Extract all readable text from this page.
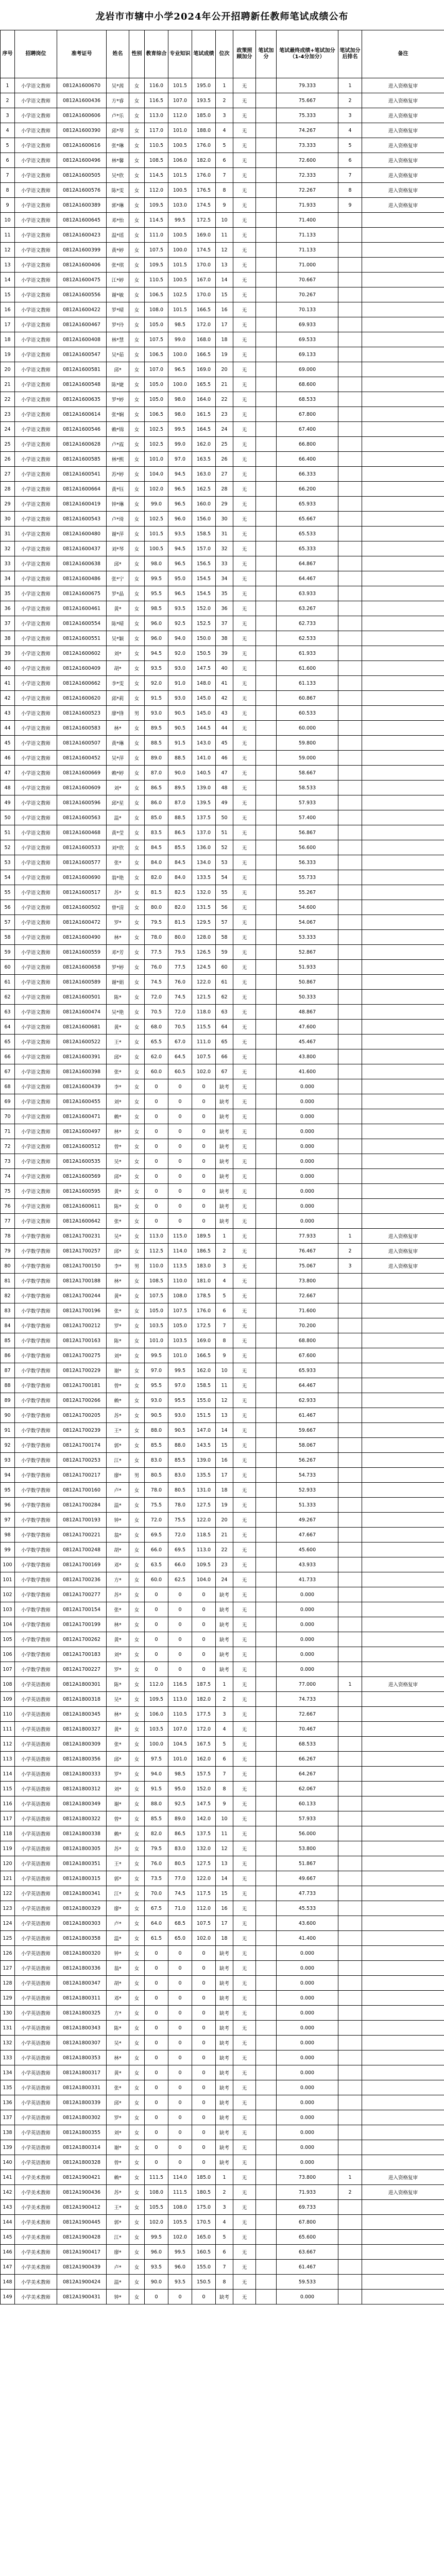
龙岩市市辖中小学2024年公开招聘新任教师笔试成绩公布
序号	招聘岗位	准考证号	姓名	性别	教育综合	专业知识	笔试成绩	位次	政策照顾加分	笔试加分	笔试最终成绩+笔试加分（1-4分加分）	笔试加分后排名	备注
1	小学语文教师	0812A1600670	吴*茜	女	116.0	101.5	195.0	1	无		79.333	1	进入资格复审
2	小学语文教师	0812A1600436	方*睿	女	116.5	107.0	193.5	2	无		75.667	2	进入资格复审
3	小学语文教师	0812A1600606	卢*乐	女	113.0	112.0	185.0	3	无		75.333	3	进入资格复审
4	小学语文教师	0812A1600390	邱*琴	女	117.0	101.0	188.0	4	无		74.267	4	进入资格复审
5	小学语文教师	0812A1600616	张*琳	女	110.5	100.5	176.0	5	无		73.333	5	进入资格复审
6	小学语文教师	0812A1600496	林*馨	女	108.5	106.0	182.0	6	无		72.600	6	进入资格复审
7	小学语文教师	0812A1600505	吴*欣	女	114.5	101.5	176.0	7	无		72.333	7	进入资格复审
8	小学语文教师	0812A1600576	陈*雯	女	112.0	100.5	176.5	8	无		72.267	8	进入资格复审
9	小学语文教师	0812A1600389	郭*琳	女	109.5	103.0	174.5	9	无		71.933	9	进入资格复审
10	小学语文教师	0812A1600645	邓*怡	女	114.5	99.5	172.5	10	无		71.400		
11	小学语文教师	0812A1600423	温*瑶	女	111.0	100.5	169.0	11	无		71.133		
12	小学语文教师	0812A1600399	黄*婷	女	107.5	100.0	174.5	12	无		71.133		
13	小学语文教师	0812A1600406	张*琪	女	109.5	101.5	170.0	13	无		71.000		
14	小学语文教师	0812A1600475	江*婷	女	110.5	100.5	167.0	14	无		70.667		
15	小学语文教师	0812A1600556	谢*敏	女	106.5	102.5	170.0	15	无		70.267		
16	小学语文教师	0812A1600422	罗*晴	女	108.0	101.5	166.5	16	无		70.133		
17	小学语文教师	0812A1600467	罗*玲	女	105.0	98.5	172.0	17	无		69.933		
18	小学语文教师	0812A1600408	林*慧	女	107.5	99.0	168.0	18	无		69.533		
19	小学语文教师	0812A1600547	吴*茹	女	106.5	100.0	166.5	19	无		69.133		
20	小学语文教师	0812A1600581	邱*	女	107.0	96.5	169.0	20	无		69.000		
21	小学语文教师	0812A1600548	陈*婕	女	105.0	100.0	165.5	21	无		68.600		
22	小学语文教师	0812A1600635	罗*婷	女	105.0	98.0	164.0	22	无		68.533		
23	小学语文教师	0812A1600614	张*娴	女	106.5	98.0	161.5	23	无		67.800		
24	小学语文教师	0812A1600546	赖*锦	女	102.5	99.5	164.5	24	无		67.400		
25	小学语文教师	0812A1600628	卢*霞	女	102.5	99.0	162.0	25	无		66.800		
26	小学语文教师	0812A1600585	林*熙	女	101.0	97.0	163.5	26	无		66.400		
27	小学语文教师	0812A1600541	苏*婷	女	104.0	94.5	163.0	27	无		66.333		
28	小学语文教师	0812A1600664	黄*钰	女	102.0	96.5	162.5	28	无		66.200		
29	小学语文教师	0812A1600419	钟*琳	女	99.0	96.5	160.0	29	无		65.933		
30	小学语文教师	0812A1600543	卢*琦	女	102.5	96.0	156.0	30	无		65.667		
31	小学语文教师	0812A1600480	谢*萍	女	101.5	93.5	158.5	31	无		65.533		
32	小学语文教师	0812A1600437	刘*琴	女	100.5	94.5	157.0	32	无		65.333		
33	小学语文教师	0812A1600638	邱*	女	98.0	96.5	156.5	33	无		64.867		
34	小学语文教师	0812A1600486	张*宁	女	99.5	95.0	154.5	34	无		64.467		
35	小学语文教师	0812A1600675	罗*晶	女	95.5	96.5	154.5	35	无		63.933		
36	小学语文教师	0812A1600461	黄*	女	98.5	93.5	152.0	36	无		63.267		
37	小学语文教师	0812A1600554	陈*晴	女	96.0	92.5	152.5	37	无		62.733		
38	小学语文教师	0812A1600551	吴*颖	女	96.0	94.0	150.0	38	无		62.533		
39	小学语文教师	0812A1600602	刘*	女	94.5	92.0	150.5	39	无		61.933		
40	小学语文教师	0812A1600409	胡*	女	93.5	93.0	147.5	40	无		61.600		
41	小学语文教师	0812A1600662	李*雯	女	92.0	91.0	148.0	41	无		61.133		
42	小学语文教师	0812A1600620	邱*莉	女	91.5	93.0	145.0	42	无		60.867		
43	小学语文教师	0812A1600523	廖*锋	男	93.0	90.5	145.0	43	无		60.533		
44	小学语文教师	0812A1600583	林*	女	89.5	90.5	144.5	44	无		60.000		
45	小学语文教师	0812A1600507	黄*琳	女	88.5	91.5	143.0	45	无		59.800		
46	小学语文教师	0812A1600452	吴*萍	女	89.0	88.5	141.0	46	无		59.000		
47	小学语文教师	0812A1600669	赖*婷	女	87.0	90.0	140.5	47	无		58.667		
48	小学语文教师	0812A1600609	刘*	女	86.5	89.5	139.0	48	无		58.533		
49	小学语文教师	0812A1600596	邱*星	女	86.0	87.0	139.5	49	无		57.933		
50	小学语文教师	0812A1600563	温*	女	85.0	88.5	137.5	50	无		57.400		
51	小学语文教师	0812A1600468	黄*莹	女	83.5	86.5	137.0	51	无		56.867		
52	小学语文教师	0812A1600533	刘*欣	女	84.5	85.5	136.0	52	无		56.600		
53	小学语文教师	0812A1600577	张*	女	84.0	84.5	134.0	53	无		56.333		
54	小学语文教师	0812A1600690	翁*艳	女	82.0	84.0	133.5	54	无		55.733		
55	小学语文教师	0812A1600517	苏*	女	81.5	82.5	132.0	55	无		55.267		
56	小学语文教师	0812A1600502	曾*清	女	80.0	82.0	131.5	56	无		54.600		
57	小学语文教师	0812A1600472	罗*	女	79.5	81.5	129.5	57	无		54.067		
58	小学语文教师	0812A1600490	林*	女	78.0	80.0	128.0	58	无		53.333		
59	小学语文教师	0812A1600559	邓*芳	女	77.5	79.5	126.5	59	无		52.867		
60	小学语文教师	0812A1600658	罗*婷	女	76.0	77.5	124.5	60	无		51.933		
61	小学语文教师	0812A1600589	谢*娟	女	74.5	76.0	122.0	61	无		50.867		
62	小学语文教师	0812A1600501	陈*	女	72.0	74.5	121.5	62	无		50.333		
63	小学语文教师	0812A1600474	吴*艳	女	70.5	72.0	118.0	63	无		48.867		
64	小学语文教师	0812A1600681	黄*	女	68.0	70.5	115.5	64	无		47.600		
65	小学语文教师	0812A1600522	王*	女	65.5	67.0	111.0	65	无		45.467		
66	小学语文教师	0812A1600391	邱*	女	62.0	64.5	107.5	66	无		43.800		
67	小学语文教师	0812A1600398	张*	女	60.0	60.5	102.0	67	无		41.600		
68	小学语文教师	0812A1600439	李*	女	0	0	0	缺考	无		0.000		
69	小学语文教师	0812A1600455	刘*	女	0	0	0	缺考	无		0.000		
70	小学语文教师	0812A1600471	赖*	女	0	0	0	缺考	无		0.000		
71	小学语文教师	0812A1600497	林*	女	0	0	0	缺考	无		0.000		
72	小学语文教师	0812A1600512	曾*	女	0	0	0	缺考	无		0.000		
73	小学语文教师	0812A1600535	吴*	女	0	0	0	缺考	无		0.000		
74	小学语文教师	0812A1600569	邱*	女	0	0	0	缺考	无		0.000		
75	小学语文教师	0812A1600595	黄*	女	0	0	0	缺考	无		0.000		
76	小学语文教师	0812A1600611	陈*	女	0	0	0	缺考	无		0.000		
77	小学语文教师	0812A1600642	张*	女	0	0	0	缺考	无		0.000		
78	小学数学教师	0812A1700231	吴*	女	113.0	115.0	189.5	1	无		77.933	1	进入资格复审
79	小学数学教师	0812A1700257	邱*	女	112.5	114.0	186.5	2	无		76.467	2	进入资格复审
80	小学数学教师	0812A1700150	李*	男	110.0	113.5	183.0	3	无		75.067	3	进入资格复审
81	小学数学教师	0812A1700188	林*	女	108.5	110.0	181.0	4	无		73.800		
82	小学数学教师	0812A1700244	黄*	女	107.5	108.0	178.5	5	无		72.667		
83	小学数学教师	0812A1700196	张*	女	105.0	107.5	176.0	6	无		71.600		
84	小学数学教师	0812A1700212	罗*	女	103.5	105.0	172.5	7	无		70.200		
85	小学数学教师	0812A1700163	陈*	女	101.0	103.5	169.0	8	无		68.800		
86	小学数学教师	0812A1700275	刘*	女	99.5	101.0	166.5	9	无		67.600		
87	小学数学教师	0812A1700229	谢*	女	97.0	99.5	162.0	10	无		65.933		
88	小学数学教师	0812A1700181	曾*	女	95.5	97.0	158.5	11	无		64.467		
89	小学数学教师	0812A1700266	赖*	女	93.0	95.5	155.0	12	无		62.933		
90	小学数学教师	0812A1700205	苏*	女	90.5	93.0	151.5	13	无		61.467		
91	小学数学教师	0812A1700239	王*	女	88.0	90.5	147.0	14	无		59.667		
92	小学数学教师	0812A1700174	郭*	女	85.5	88.0	143.5	15	无		58.067		
93	小学数学教师	0812A1700253	江*	女	83.0	85.5	139.0	16	无		56.267		
94	小学数学教师	0812A1700217	廖*	男	80.5	83.0	135.5	17	无		54.733		
95	小学数学教师	0812A1700160	卢*	女	78.0	80.5	131.0	18	无		52.933		
96	小学数学教师	0812A1700284	温*	女	75.5	78.0	127.5	19	无		51.333		
97	小学数学教师	0812A1700193	钟*	女	72.0	75.5	122.0	20	无		49.267		
98	小学数学教师	0812A1700221	翁*	女	69.5	72.0	118.5	21	无		47.667		
99	小学数学教师	0812A1700248	胡*	女	66.0	69.5	113.0	22	无		45.600		
100	小学数学教师	0812A1700169	邓*	女	63.5	66.0	109.5	23	无		43.933		
101	小学数学教师	0812A1700236	方*	女	60.0	62.5	104.0	24	无		41.733		
102	小学数学教师	0812A1700277	苏*	女	0	0	0	缺考	无		0.000		
103	小学数学教师	0812A1700154	张*	女	0	0	0	缺考	无		0.000		
104	小学数学教师	0812A1700199	林*	女	0	0	0	缺考	无		0.000		
105	小学数学教师	0812A1700262	黄*	女	0	0	0	缺考	无		0.000		
106	小学数学教师	0812A1700183	刘*	女	0	0	0	缺考	无		0.000		
107	小学数学教师	0812A1700227	罗*	女	0	0	0	缺考	无		0.000		
108	小学英语教师	0812A1800301	陈*	女	112.0	116.5	187.5	1	无		77.000	1	进入资格复审
109	小学英语教师	0812A1800318	吴*	女	109.5	113.0	182.0	2	无		74.733		
110	小学英语教师	0812A1800345	林*	女	106.0	110.5	177.5	3	无		72.667		
111	小学英语教师	0812A1800327	黄*	女	103.5	107.0	172.0	4	无		70.467		
112	小学英语教师	0812A1800309	张*	女	100.0	104.5	167.5	5	无		68.533		
113	小学英语教师	0812A1800356	邱*	女	97.5	101.0	162.0	6	无		66.267		
114	小学英语教师	0812A1800333	罗*	女	94.0	98.5	157.5	7	无		64.267		
115	小学英语教师	0812A1800312	刘*	女	91.5	95.0	152.0	8	无		62.067		
116	小学英语教师	0812A1800349	谢*	女	88.0	92.5	147.5	9	无		60.133		
117	小学英语教师	0812A1800322	曾*	女	85.5	89.0	142.0	10	无		57.933		
118	小学英语教师	0812A1800338	赖*	女	82.0	86.5	137.5	11	无		56.000		
119	小学英语教师	0812A1800305	苏*	女	79.5	83.0	132.0	12	无		53.800		
120	小学英语教师	0812A1800351	王*	女	76.0	80.5	127.5	13	无		51.867		
121	小学英语教师	0812A1800315	郭*	女	73.5	77.0	122.0	14	无		49.667		
122	小学英语教师	0812A1800341	江*	女	70.0	74.5	117.5	15	无		47.733		
123	小学英语教师	0812A1800329	廖*	女	67.5	71.0	112.0	16	无		45.533		
124	小学英语教师	0812A1800303	卢*	女	64.0	68.5	107.5	17	无		43.600		
125	小学英语教师	0812A1800358	温*	女	61.5	65.0	102.0	18	无		41.400		
126	小学英语教师	0812A1800320	钟*	女	0	0	0	缺考	无		0.000		
127	小学英语教师	0812A1800336	翁*	女	0	0	0	缺考	无		0.000		
128	小学英语教师	0812A1800347	胡*	女	0	0	0	缺考	无		0.000		
129	小学英语教师	0812A1800311	邓*	女	0	0	0	缺考	无		0.000		
130	小学英语教师	0812A1800325	方*	女	0	0	0	缺考	无		0.000		
131	小学英语教师	0812A1800343	陈*	女	0	0	0	缺考	无		0.000		
132	小学英语教师	0812A1800307	吴*	女	0	0	0	缺考	无		0.000		
133	小学英语教师	0812A1800353	林*	女	0	0	0	缺考	无		0.000		
134	小学英语教师	0812A1800317	黄*	女	0	0	0	缺考	无		0.000		
135	小学英语教师	0812A1800331	张*	女	0	0	0	缺考	无		0.000		
136	小学英语教师	0812A1800339	邱*	女	0	0	0	缺考	无		0.000		
137	小学英语教师	0812A1800302	罗*	女	0	0	0	缺考	无		0.000		
138	小学英语教师	0812A1800355	刘*	女	0	0	0	缺考	无		0.000		
139	小学英语教师	0812A1800314	谢*	女	0	0	0	缺考	无		0.000		
140	小学英语教师	0812A1800328	曾*	女	0	0	0	缺考	无		0.000		
141	小学美术教师	0812A1900421	赖*	女	111.5	114.0	185.0	1	无		73.800	1	进入资格复审
142	小学美术教师	0812A1900436	苏*	女	108.0	111.5	180.5	2	无		71.933	2	进入资格复审
143	小学美术教师	0812A1900412	王*	女	105.5	108.0	175.0	3	无		69.733		
144	小学美术教师	0812A1900445	郭*	女	102.0	105.5	170.5	4	无		67.800		
145	小学美术教师	0812A1900428	江*	女	99.5	102.0	165.0	5	无		65.600		
146	小学美术教师	0812A1900417	廖*	女	96.0	99.5	160.5	6	无		63.667		
147	小学美术教师	0812A1900439	卢*	女	93.5	96.0	155.0	7	无		61.467		
148	小学美术教师	0812A1900424	温*	女	90.0	93.5	150.5	8	无		59.533		
149	小学美术教师	0812A1900431	钟*	女	0	0	0	缺考	无		0.000		
